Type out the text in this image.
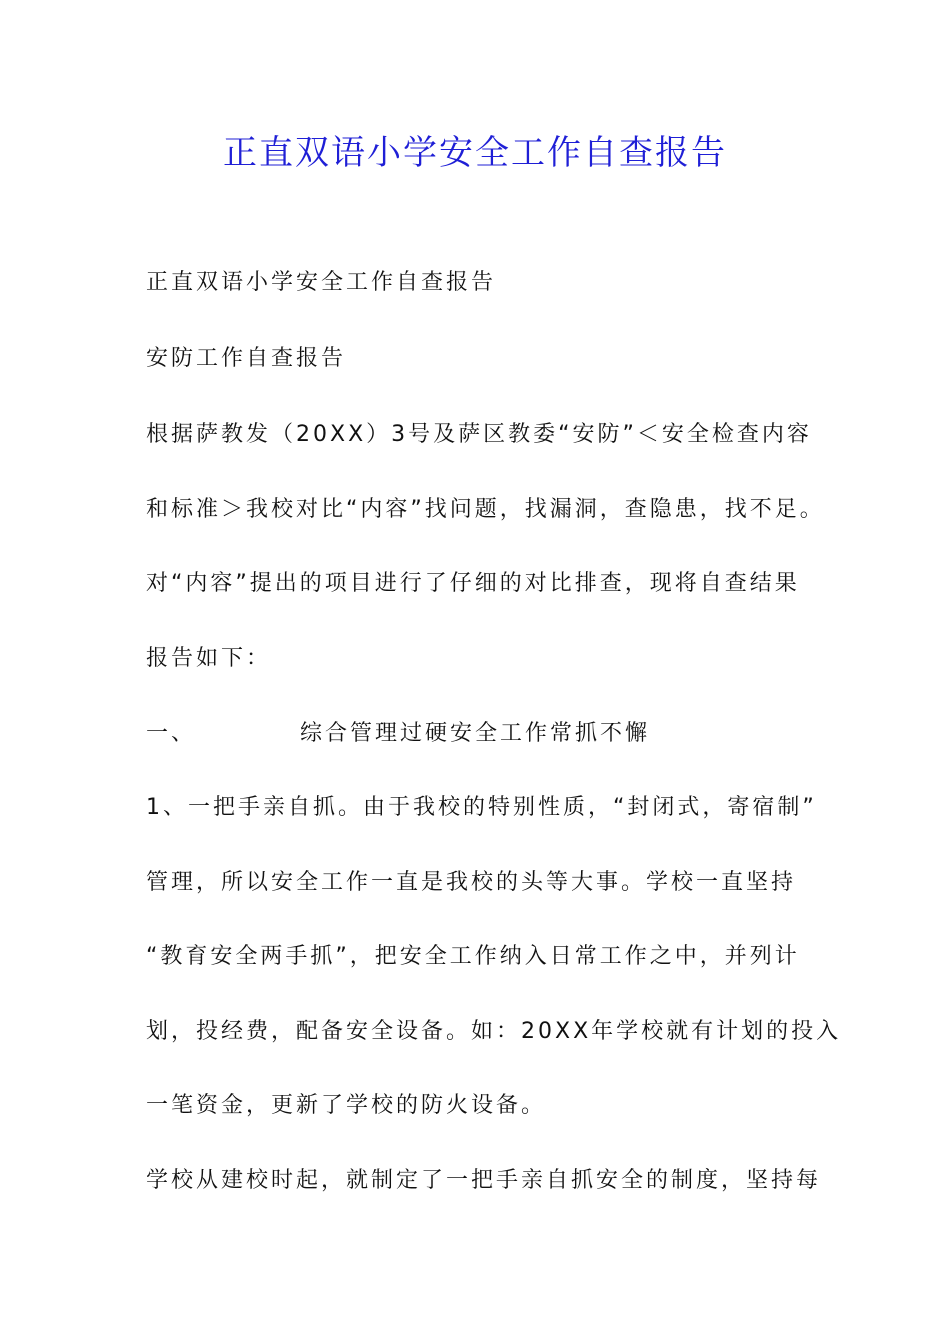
正直双语小学安全工作自查报告

正直双语小学安全工作自查报告

安防工作自查报告

根据萨教发（20XX）3号及萨区教委“安防”＜安全检查内容

和标准＞我校对比“内容”找问题，找漏洞，查隐患，找不足。

对“内容”提出的项目进行了仔细的对比排查，现将自查结果

报告如下：

一、	综合管理过硬安全工作常抓不懈

1、一把手亲自抓。由于我校的特别性质，“封闭式，寄宿制”

管理，所以安全工作一直是我校的头等大事。学校一直坚持

“教育安全两手抓”，把安全工作纳入日常工作之中，并列计

划，投经费，配备安全设备。如：20XX年学校就有计划的投入

一笔资金，更新了学校的防火设备。

学校从建校时起，就制定了一把手亲自抓安全的制度，坚持每
